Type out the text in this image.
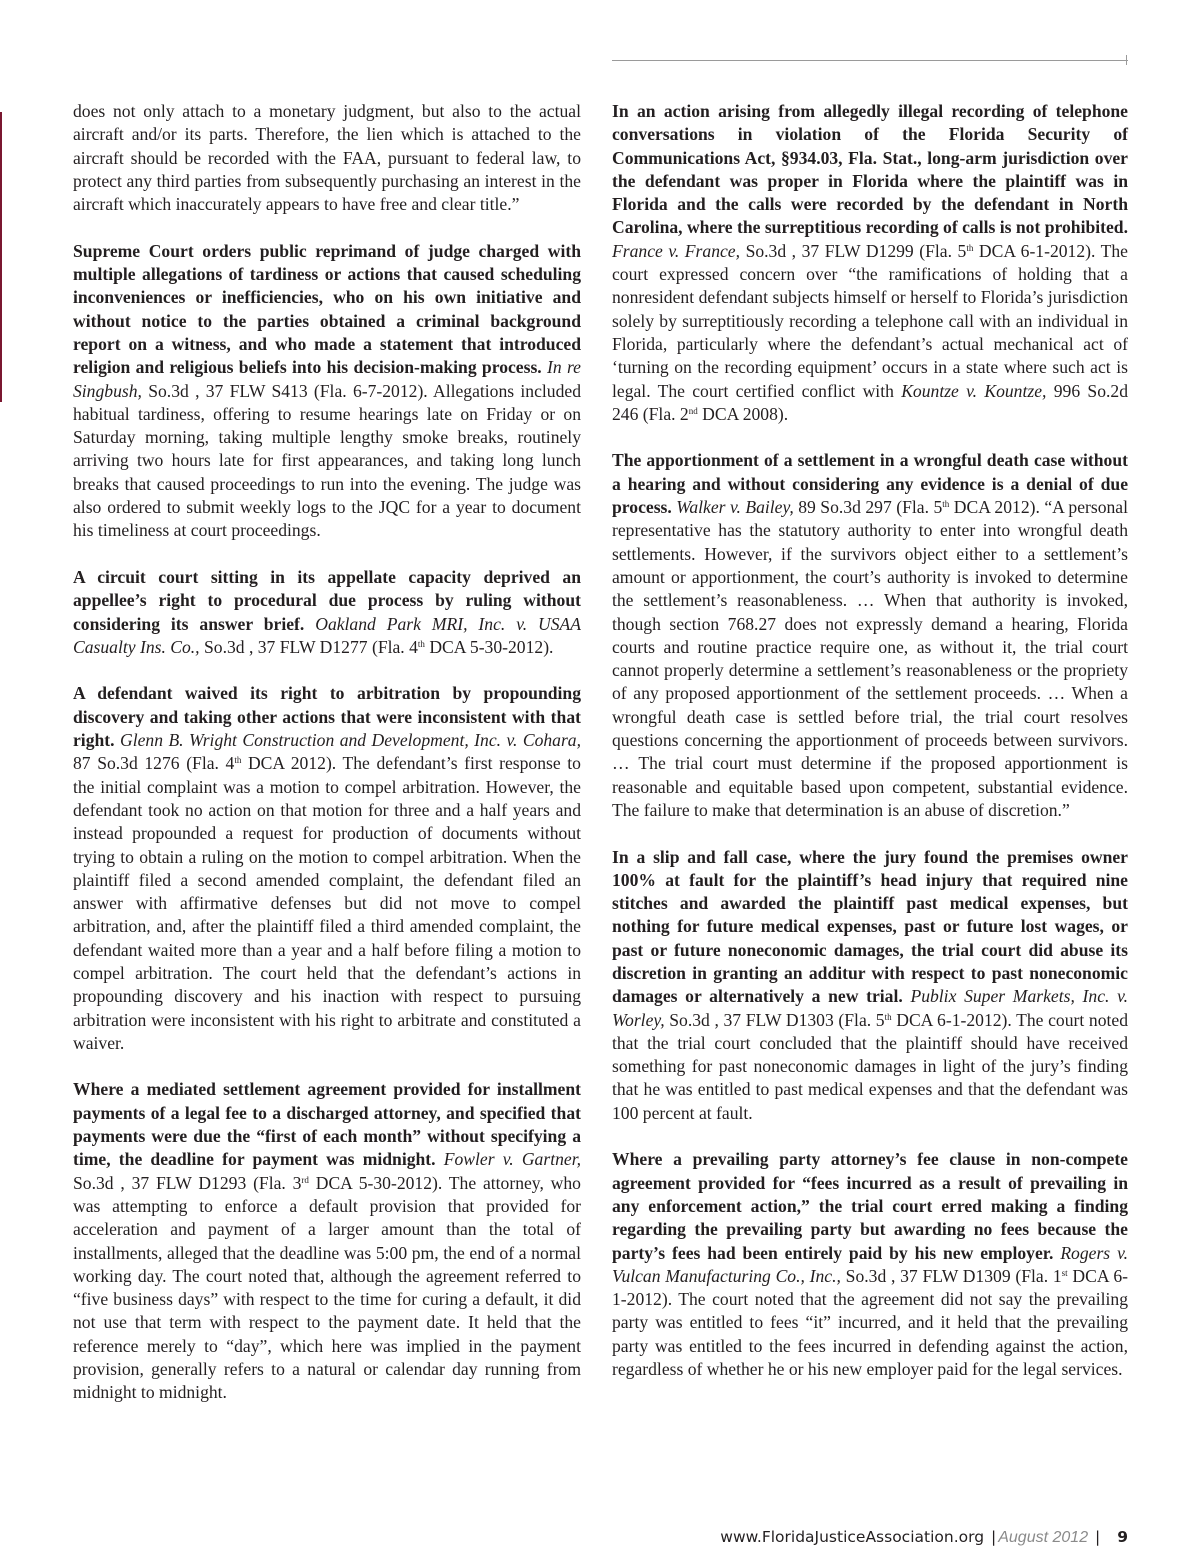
does not only attach to a monetary judgment, but also to the actual aircraft and/or its parts. Therefore, the lien which is attached to the aircraft should be recorded with the FAA, pursuant to federal law, to protect any third parties from subsequently purchasing an interest in the aircraft which inaccurately appears to have free and clear title.”

Supreme Court orders public reprimand of judge charged with multiple allegations of tardiness or actions that caused scheduling inconveniences or inefficiencies, who on his own initiative and without notice to the parties obtained a criminal background report on a witness, and who made a statement that introduced religion and religious beliefs into his decision-making process. In re Singbush, So.3d , 37 FLW S413 (Fla. 6-7-2012). Allegations included habitual tardiness, offering to resume hearings late on Friday or on Saturday morning, taking multiple lengthy smoke breaks, routinely arriving two hours late for first appearances, and taking long lunch breaks that caused proceedings to run into the evening. The judge was also ordered to submit weekly logs to the JQC for a year to document his timeliness at court proceedings.

A circuit court sitting in its appellate capacity deprived an appellee’s right to procedural due process by ruling without considering its answer brief. Oakland Park MRI, Inc. v. USAA Casualty Ins. Co., So.3d , 37 FLW D1277 (Fla. 4th DCA 5-30-2012).

A defendant waived its right to arbitration by propounding discovery and taking other actions that were inconsistent with that right. Glenn B. Wright Construction and Development, Inc. v. Cohara, 87 So.3d 1276 (Fla. 4th DCA 2012). The defendant’s first response to the initial complaint was a motion to compel arbitration. However, the defendant took no action on that motion for three and a half years and instead propounded a request for production of documents without trying to obtain a ruling on the motion to compel arbitration. When the plaintiff filed a second amended complaint, the defendant filed an answer with affirmative defenses but did not move to compel arbitration, and, after the plaintiff filed a third amended complaint, the defendant waited more than a year and a half before filing a motion to compel arbitration. The court held that the defendant’s actions in propounding discovery and his inaction with respect to pursuing arbitration were inconsistent with his right to arbitrate and constituted a waiver.

Where a mediated settlement agreement provided for installment payments of a legal fee to a discharged attorney, and specified that payments were due the “first of each month” without specifying a time, the deadline for payment was midnight. Fowler v. Gartner, So.3d , 37 FLW D1293 (Fla. 3rd DCA 5-30-2012). The attorney, who was attempting to enforce a default provision that provided for acceleration and payment of a larger amount than the total of installments, alleged that the deadline was 5:00 pm, the end of a normal working day. The court noted that, although the agreement referred to “five business days” with respect to the time for curing a default, it did not use that term with respect to the payment date. It held that the reference merely to “day”, which here was implied in the payment provision, generally refers to a natural or calendar day running from midnight to midnight.

In an action arising from allegedly illegal recording of telephone conversations in violation of the Florida Security of Communications Act, §934.03, Fla. Stat., long-arm jurisdiction over the defendant was proper in Florida where the plaintiff was in Florida and the calls were recorded by the defendant in North Carolina, where the surreptitious recording of calls is not prohibited. France v. France, So.3d , 37 FLW D1299 (Fla. 5th DCA 6-1-2012). The court expressed concern over “the ramifications of holding that a nonresident defendant subjects himself or herself to Florida’s jurisdiction solely by surreptitiously recording a telephone call with an individual in Florida, particularly where the defendant’s actual mechanical act of ‘turning on the recording equipment’ occurs in a state where such act is legal. The court certified conflict with Kountze v. Kountze, 996 So.2d 246 (Fla. 2nd DCA 2008).

The apportionment of a settlement in a wrongful death case without a hearing and without considering any evidence is a denial of due process. Walker v. Bailey, 89 So.3d 297 (Fla. 5th DCA 2012). “A personal representative has the statutory authority to enter into wrongful death settlements. However, if the survivors object either to a settlement’s amount or apportionment, the court’s authority is invoked to determine the settlement’s reasonableness. … When that authority is invoked, though section 768.27 does not expressly demand a hearing, Florida courts and routine practice require one, as without it, the trial court cannot properly determine a settlement’s reasonableness or the propriety of any proposed apportionment of the settlement proceeds. … When a wrongful death case is settled before trial, the trial court resolves questions concerning the apportionment of proceeds between survivors. … The trial court must determine if the proposed apportionment is reasonable and equitable based upon competent, substantial evidence. The failure to make that determination is an abuse of discretion.”

In a slip and fall case, where the jury found the premises owner 100% at fault for the plaintiff’s head injury that required nine stitches and awarded the plaintiff past medical expenses, but nothing for future medical expenses, past or future lost wages, or past or future noneconomic damages, the trial court did abuse its discretion in granting an additur with respect to past noneconomic damages or alternatively a new trial. Publix Super Markets, Inc. v. Worley, So.3d , 37 FLW D1303 (Fla. 5th DCA 6-1-2012). The court noted that the trial court concluded that the plaintiff should have received something for past noneconomic damages in light of the jury’s finding that he was entitled to past medical expenses and that the defendant was 100 percent at fault.

Where a prevailing party attorney’s fee clause in non-compete agreement provided for “fees incurred as a result of prevailing in any enforcement action,” the trial court erred making a finding regarding the prevailing party but awarding no fees because the party’s fees had been entirely paid by his new employer. Rogers v. Vulcan Manufacturing Co., Inc., So.3d , 37 FLW D1309 (Fla. 1st DCA 6-1-2012). The court noted that the agreement did not say the prevailing party was entitled to fees “it” incurred, and it held that the prevailing party was entitled to the fees incurred in defending against the action, regardless of whether he or his new employer paid for the legal services.

www.FloridaJusticeAssociation.org | August 2012 | 9
